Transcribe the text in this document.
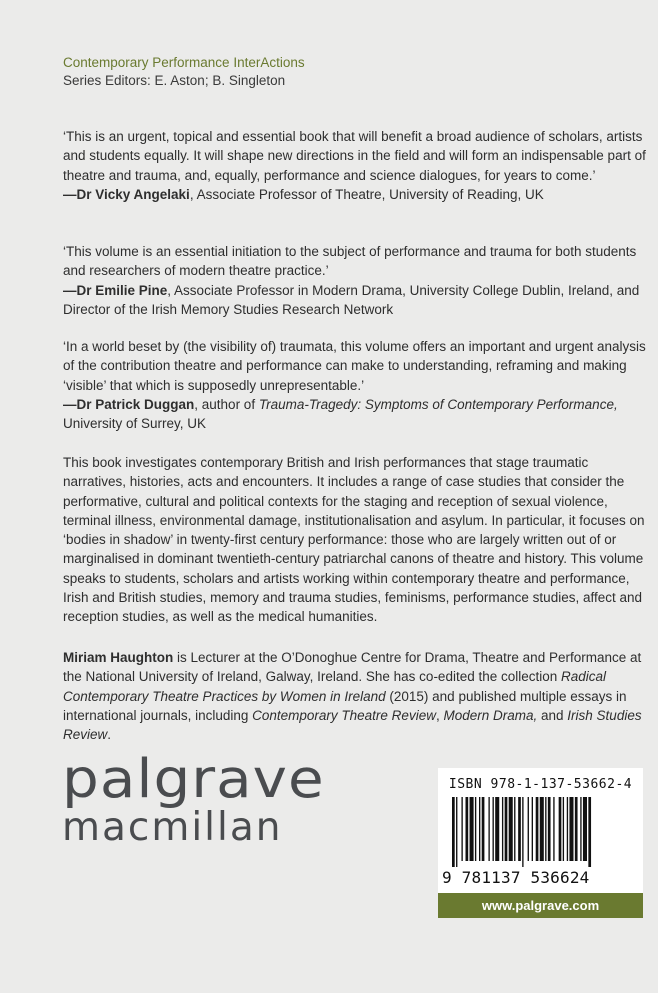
Contemporary Performance InterActions
Series Editors: E. Aston; B. Singleton

‘This is an urgent, topical and essential book that will benefit a broad audience of scholars, artists and students equally. It will shape new directions in the field and will form an indispensable part of theatre and trauma, and, equally, performance and science dialogues, for years to come.’
—Dr Vicky Angelaki, Associate Professor of Theatre, University of Reading, UK

‘This volume is an essential initiation to the subject of performance and trauma for both students and researchers of modern theatre practice.’
—Dr Emilie Pine, Associate Professor in Modern Drama, University College Dublin, Ireland, and Director of the Irish Memory Studies Research Network

‘In a world beset by (the visibility of) traumata, this volume offers an important and urgent analysis of the contribution theatre and performance can make to understanding, reframing and making ‘visible’ that which is supposedly unrepresentable.’
—Dr Patrick Duggan, author of Trauma-Tragedy: Symptoms of Contemporary Performance, University of Surrey, UK

This book investigates contemporary British and Irish performances that stage traumatic narratives, histories, acts and encounters. It includes a range of case studies that consider the performative, cultural and political contexts for the staging and reception of sexual violence, terminal illness, environmental damage, institutionalisation and asylum. In particular, it focuses on ‘bodies in shadow’ in twenty-first century performance: those who are largely written out of or marginalised in dominant twentieth-century patriarchal canons of theatre and history. This volume speaks to students, scholars and artists working within contemporary theatre and performance, Irish and British studies, memory and trauma studies, feminisms, performance studies, affect and reception studies, as well as the medical humanities.

Miriam Haughton is Lecturer at the O’Donoghue Centre for Drama, Theatre and Performance at the National University of Ireland, Galway, Ireland. She has co-edited the collection Radical Contemporary Theatre Practices by Women in Ireland (2015) and published multiple essays in international journals, including Contemporary Theatre Review, Modern Drama, and Irish Studies Review.

palgrave
macmillan
ISBN 978-1-137-53662-4
9 781137 536624
www.palgrave.com
